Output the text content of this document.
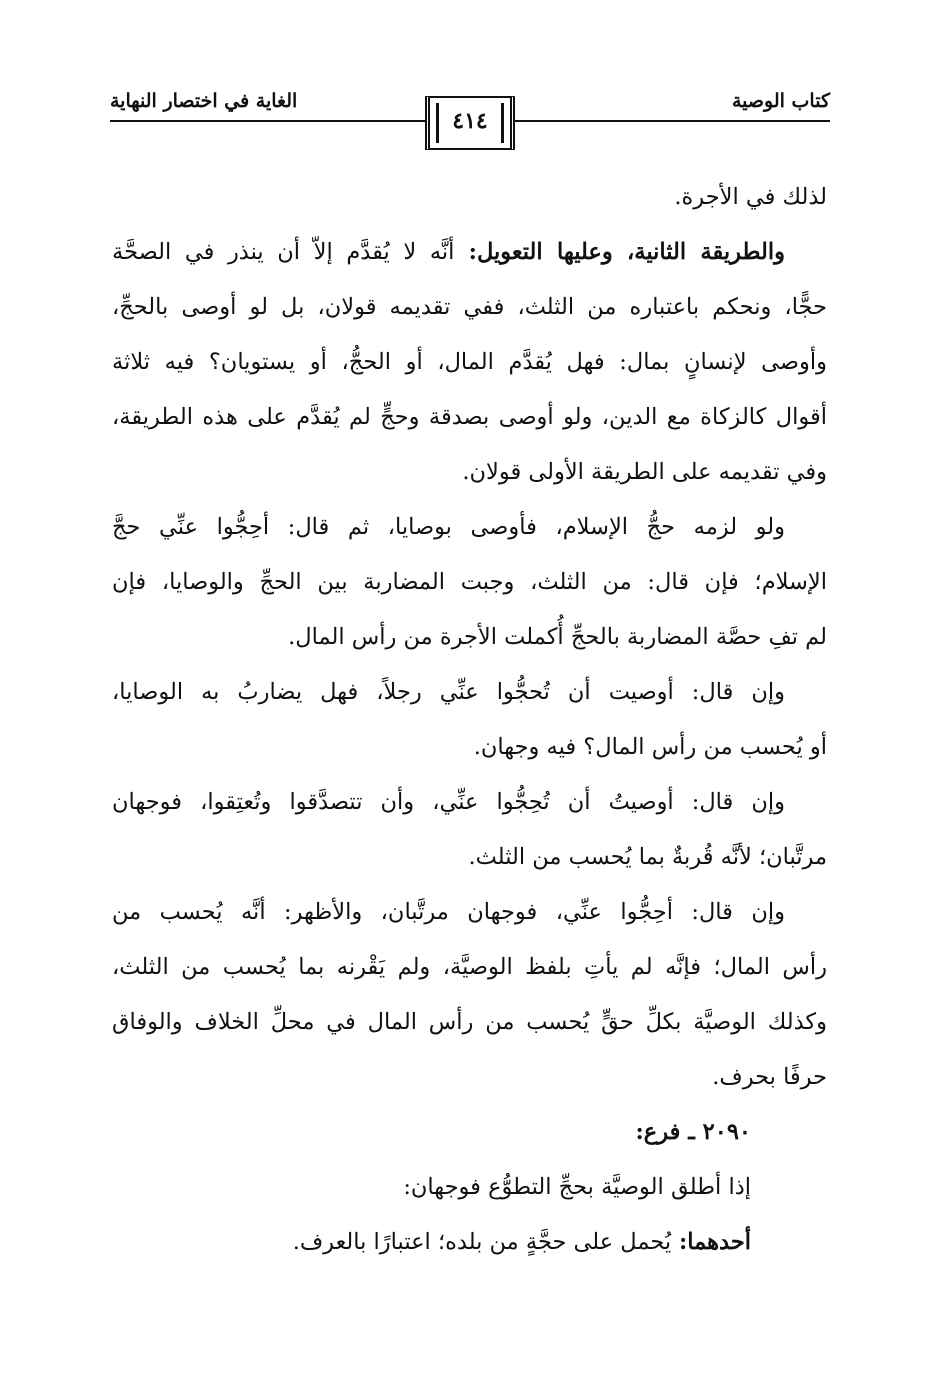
كتاب الوصية
الغاية في اختصار النهاية
٤١٤
لذلك في الأجرة.
والطريقة الثانية، وعليها التعويل: أنَّه لا يُقدَّم إلاّ أن ينذر في الصحَّة
حجًّا، ونحكم باعتباره من الثلث، ففي تقديمه قولان، بل لو أوصى بالحجِّ،
وأوصى لإنسانٍ بمال: فهل يُقدَّم المال، أو الحجُّ، أو يستويان؟ فيه ثلاثة
أقوال كالزكاة مع الدين، ولو أوصى بصدقة وحجٍّ لم يُقدَّم على هذه الطريقة،
وفي تقديمه على الطريقة الأولى قولان.
ولو لزمه حجُّ الإسلام، فأوصى بوصايا، ثم قال: أحِجُّوا عنِّي حجَّ
الإسلام؛ فإن قال: من الثلث، وجبت المضاربة بين الحجِّ والوصايا، فإن
لم تفِ حصَّة المضاربة بالحجِّ أُكملت الأجرة من رأس المال.
وإن قال: أوصيت أن تُحجُّوا عنِّي رجلاً، فهل يضاربُ به الوصايا،
أو يُحسب من رأس المال؟ فيه وجهان.
وإن قال: أوصيتُ أن تُحِجُّوا عنِّي، وأن تتصدَّقوا وتُعتِقوا، فوجهان
مرتَّبان؛ لأنَّه قُربةٌ بما يُحسب من الثلث.
وإن قال: أحِجُّوا عنِّي، فوجهان مرتَّبان، والأظهر: أنَّه يُحسب من
رأس المال؛ فإنَّه لم يأتِ بلفظ الوصيَّة، ولم يَقْرنه بما يُحسب من الثلث،
وكذلك الوصيَّة بكلِّ حقٍّ يُحسب من رأس المال في محلِّ الخلاف والوفاق
حرفًا بحرف.
٢٠٩٠ ـ فرع:
إذا أطلق الوصيَّة بحجِّ التطوُّع فوجهان:
أحدهما: يُحمل على حجَّةٍ من بلده؛ اعتبارًا بالعرف.
